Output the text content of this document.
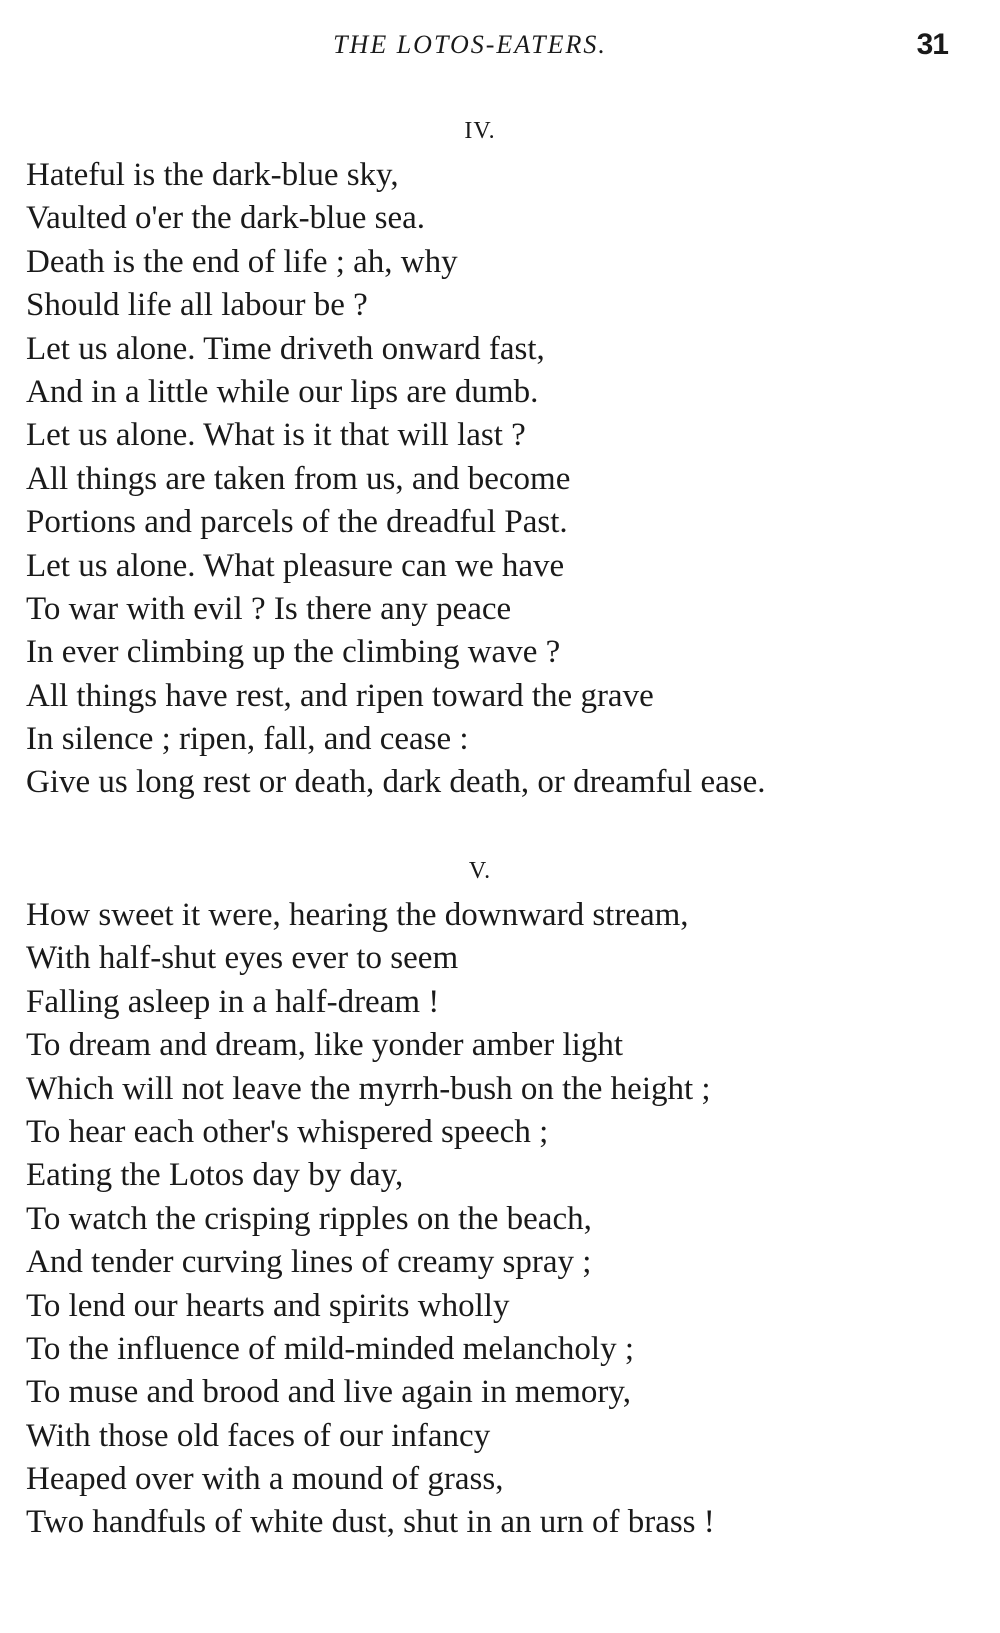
THE LOTOS-EATERS.	31
IV.
Hateful is the dark-blue sky,
Vaulted o'er the dark-blue sea.
Death is the end of life ; ah, why
Should life all labour be ?
Let us alone. Time driveth onward fast,
And in a little while our lips are dumb.
Let us alone. What is it that will last ?
All things are taken from us, and become
Portions and parcels of the dreadful Past.
Let us alone. What pleasure can we have
To war with evil ? Is there any peace
In ever climbing up the climbing wave ?
All things have rest, and ripen toward the grave
In silence ; ripen, fall, and cease :
Give us long rest or death, dark death, or dreamful ease.
V.
How sweet it were, hearing the downward stream,
With half-shut eyes ever to seem
Falling asleep in a half-dream !
To dream and dream, like yonder amber light
Which will not leave the myrrh-bush on the height ;
To hear each other's whispered speech ;
Eating the Lotos day by day,
To watch the crisping ripples on the beach,
And tender curving lines of creamy spray ;
To lend our hearts and spirits wholly
To the influence of mild-minded melancholy ;
To muse and brood and live again in memory,
With those old faces of our infancy
Heaped over with a mound of grass,
Two handfuls of white dust, shut in an urn of brass !
